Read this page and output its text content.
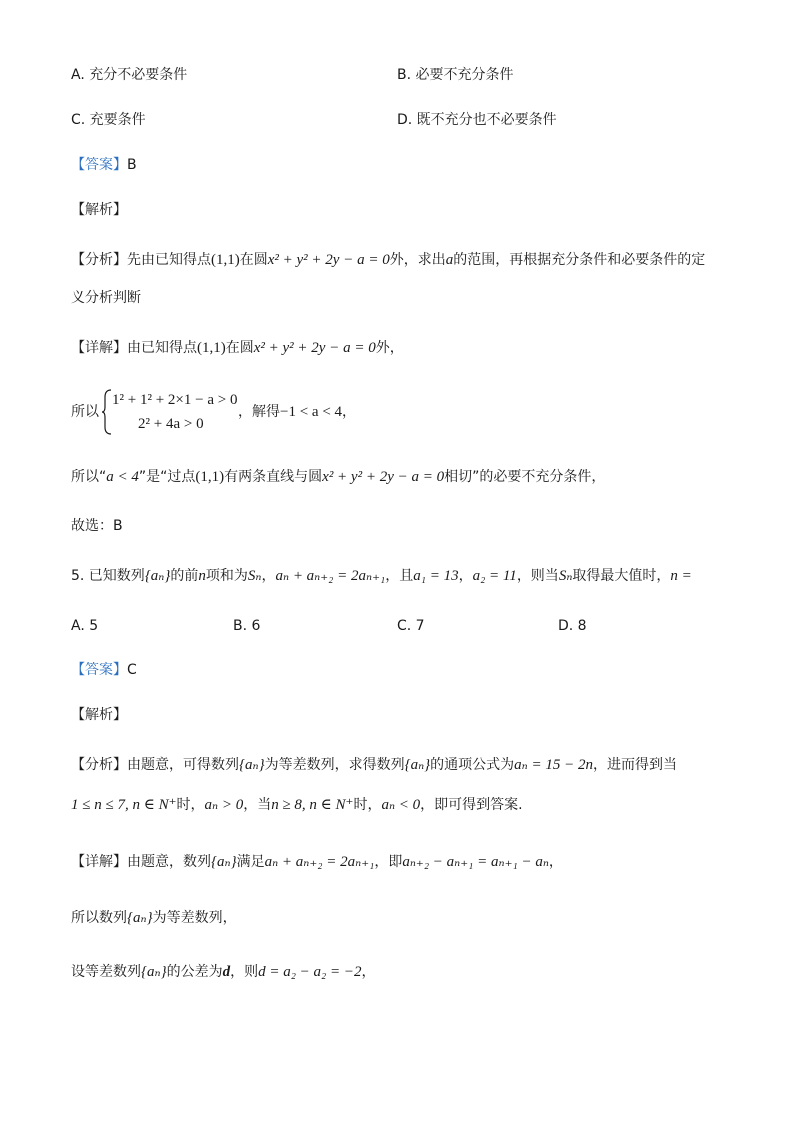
A. 充分不必要条件	B. 必要不充分条件
C. 充要条件	D. 既不充分也不必要条件
【答案】B
【解析】
【分析】先由已知得点(1,1)在圆x² + y² + 2y − a = 0外，求出a的范围，再根据充分条件和必要条件的定
义分析判断
【详解】由已知得点(1,1)在圆x² + y² + 2y − a = 0外，
所以
1² + 1² + 2×1 − a > 0
2² + 4a > 0
，解得−1 < a < 4，
所以“a < 4”是“过点(1,1)有两条直线与圆x² + y² + 2y − a = 0相切”的必要不充分条件，
故选：B
5. 已知数列{aₙ}的前n项和为Sₙ，aₙ + aₙ₊₂ = 2aₙ₊₁，且a₁ = 13，a₂ = 11，则当Sₙ取得最大值时，n =
A. 5	B. 6	C. 7	D. 8
【答案】C
【解析】
【分析】由题意，可得数列{aₙ}为等差数列，求得数列{aₙ}的通项公式为aₙ = 15 − 2n，进而得到当
1 ≤ n ≤ 7, n ∈ N⁺时，aₙ > 0，当n ≥ 8, n ∈ N⁺时，aₙ < 0，即可得到答案.
【详解】由题意，数列{aₙ}满足aₙ + aₙ₊₂ = 2aₙ₊₁，即aₙ₊₂ − aₙ₊₁ = aₙ₊₁ − aₙ，
所以数列{aₙ}为等差数列，
设等差数列{aₙ}的公差为d，则d = a₂ − a₂ = −2，
